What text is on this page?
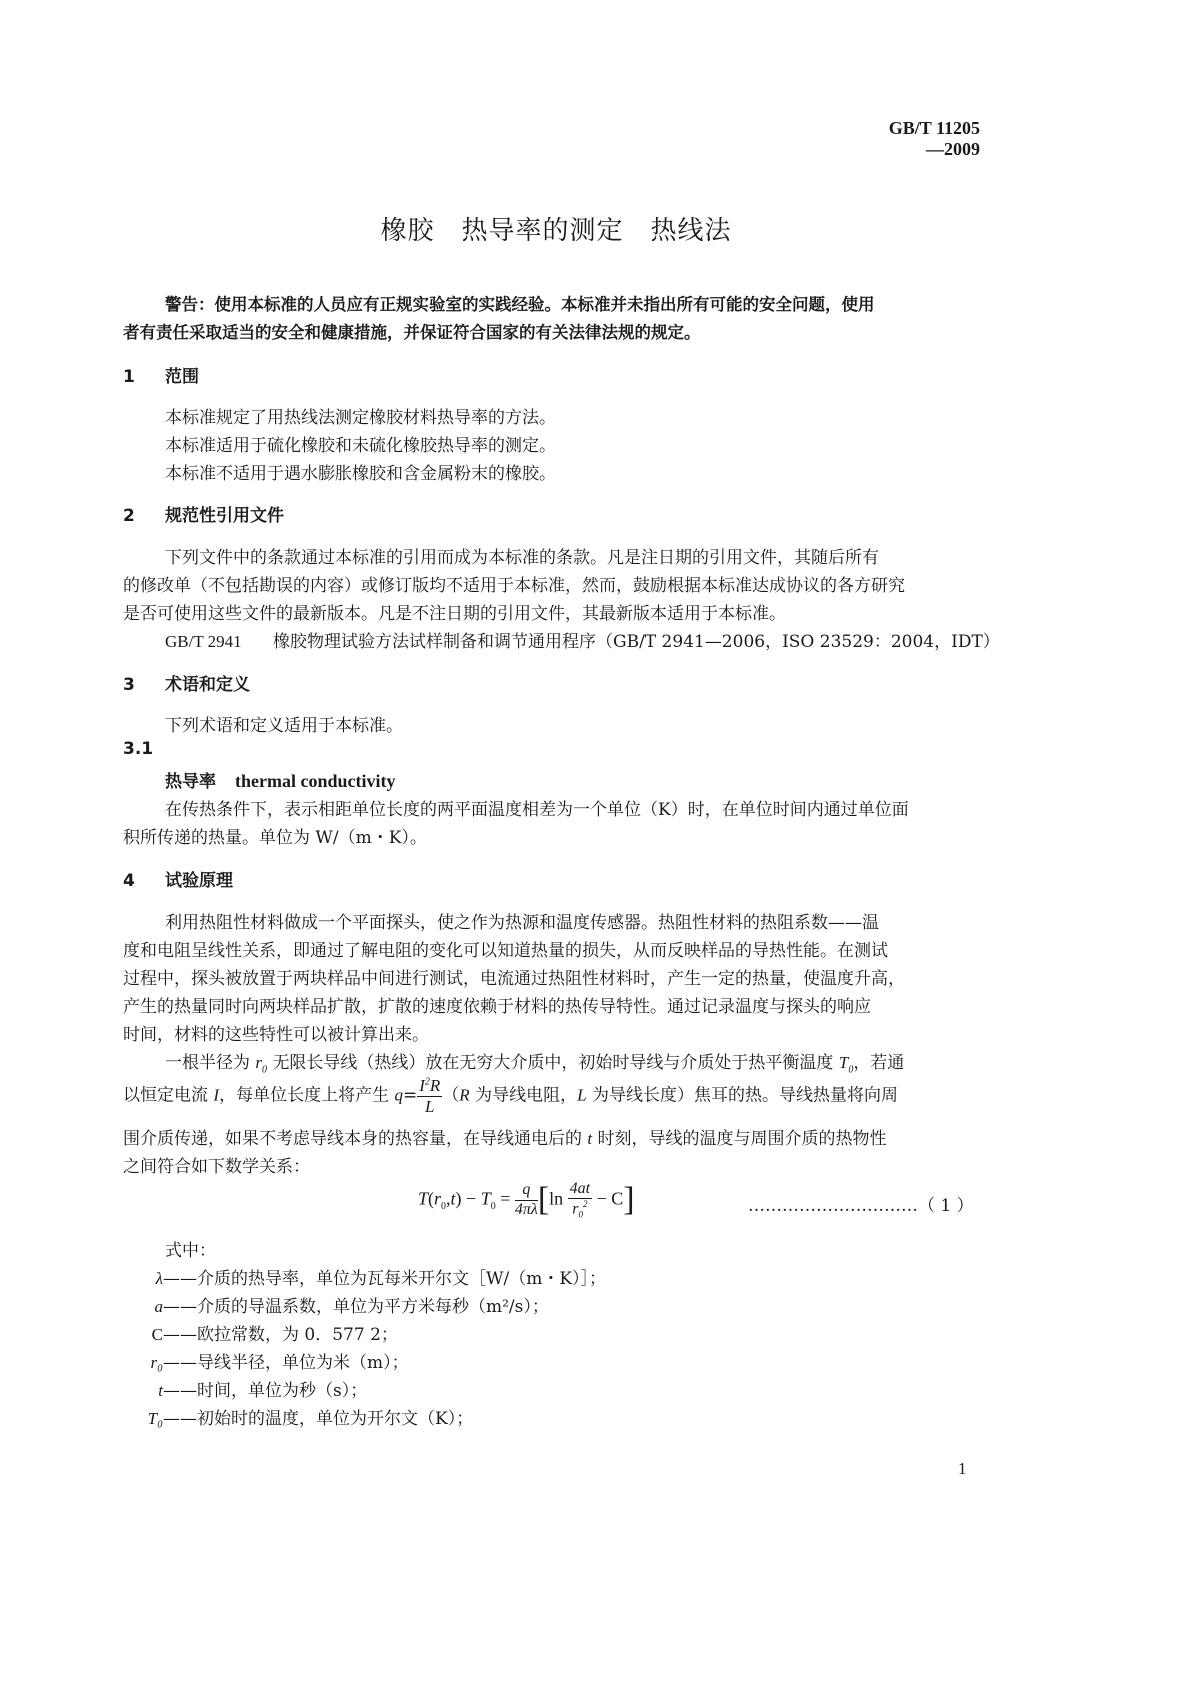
GB/T 11205—2009
橡胶　热导率的测定　热线法
警告：使用本标准的人员应有正规实验室的实践经验。本标准并未指出所有可能的安全问题，使用
者有责任采取适当的安全和健康措施，并保证符合国家的有关法律法规的规定。
1 范围
本标准规定了用热线法测定橡胶材料热导率的方法。
本标准适用于硫化橡胶和未硫化橡胶热导率的测定。
本标准不适用于遇水膨胀橡胶和含金属粉末的橡胶。
2 规范性引用文件
下列文件中的条款通过本标准的引用而成为本标准的条款。凡是注日期的引用文件，其随后所有
的修改单（不包括勘误的内容）或修订版均不适用于本标准，然而，鼓励根据本标准达成协议的各方研究
是否可使用这些文件的最新版本。凡是不注日期的引用文件，其最新版本适用于本标准。
GB/T 2941 橡胶物理试验方法试样制备和调节通用程序（GB/T 2941—2006，ISO 23529：2004，IDT）
3 术语和定义
下列术语和定义适用于本标准。
3.1
热导率 thermal conductivity
在传热条件下，表示相距单位长度的两平面温度相差为一个单位（K）时，在单位时间内通过单位面
积所传递的热量。单位为 W/（m・K）。
4 试验原理
利用热阻性材料做成一个平面探头，使之作为热源和温度传感器。热阻性材料的热阻系数——温
度和电阻呈线性关系，即通过了解电阻的变化可以知道热量的损失，从而反映样品的导热性能。在测试
过程中，探头被放置于两块样品中间进行测试，电流通过热阻性材料时，产生一定的热量，使温度升高，
产生的热量同时向两块样品扩散，扩散的速度依赖于材料的热传导特性。通过记录温度与探头的响应
时间，材料的这些特性可以被计算出来。
一根半径为 $r_0$ 无限长导线（热线）放在无穷大介质中，初始时导线与介质处于热平衡温度 $T_0$，若通
以恒定电流 I，每单位长度上将产生 $q= \frac{I^2R}{L} (R$ 为导线电阻，L 为导线长度）焦耳的热。导线热量将向周
围介质传递，如果不考虑导线本身的热容量，在导线通电后的 t 时刻，导线的温度与周围介质的热物性
之间符合如下数学关系：
$T(r_0,t) - T_0 = \frac{q}{4\pi\lambda} [\ln \frac{4at}{r_0^2} - C]$	…………………………（ 1 ）
式中：
λ——介质的热导率，单位为瓦每米开尔文［W/（m・K）］；
a——介质的导温系数，单位为平方米每秒（m²/s）；
C——欧拉常数，为 0．577 2；
r₀——导线半径，单位为米（m）；
t——时间，单位为秒（s）；
T₀——初始时的温度，单位为开尔文（K）；
1
